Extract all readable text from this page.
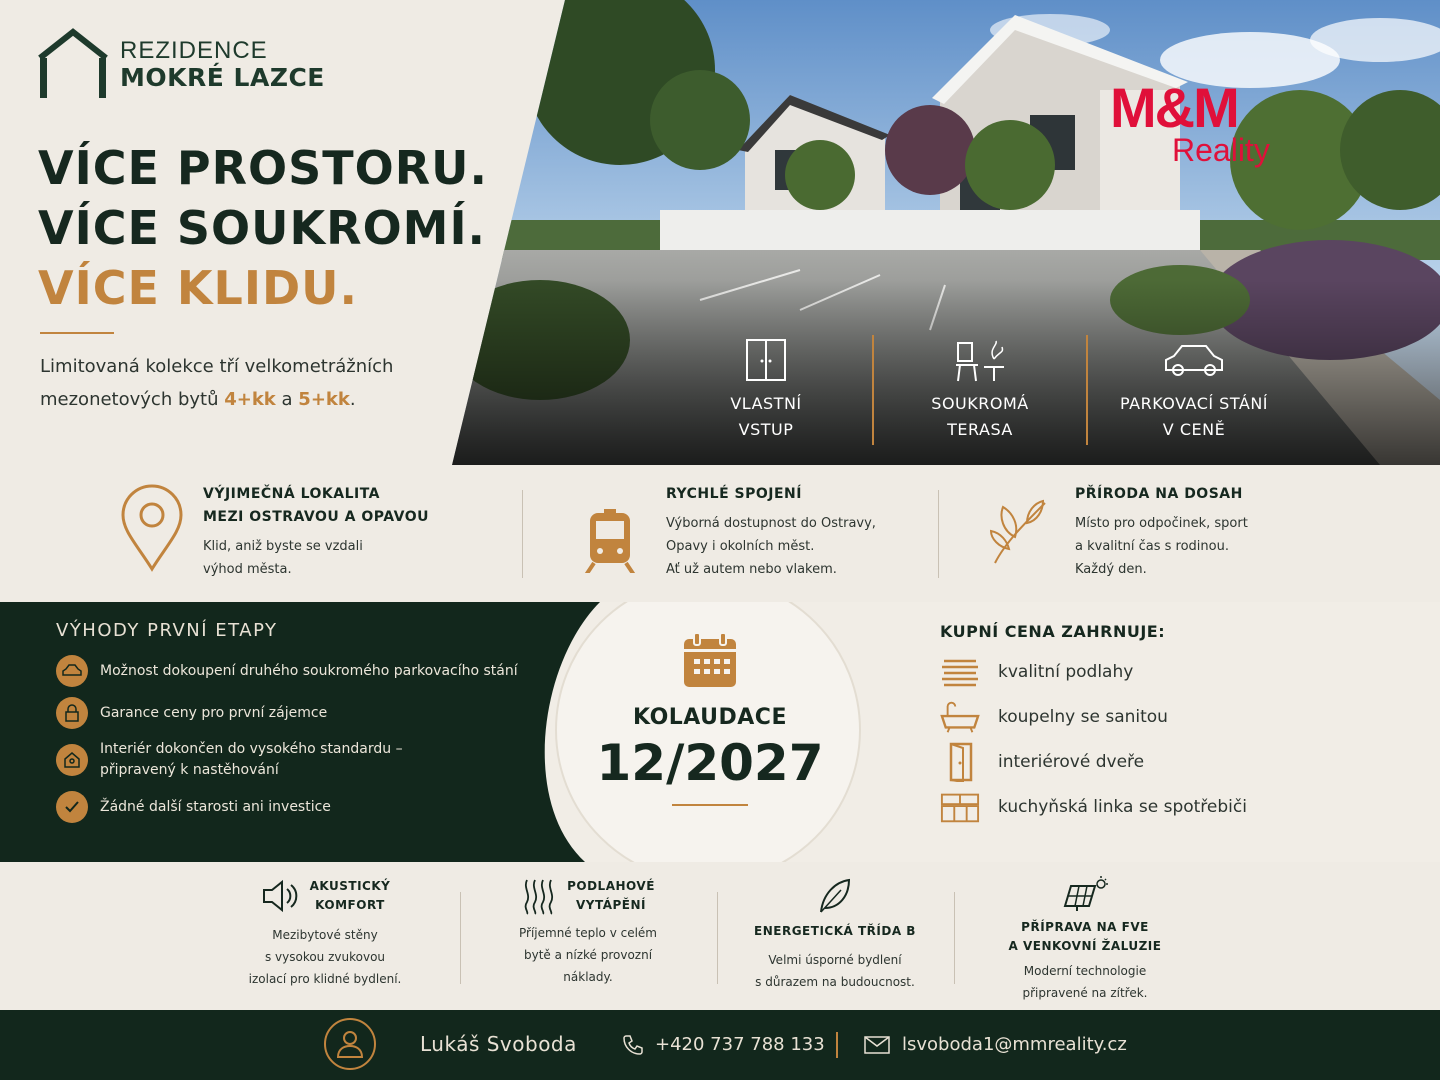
REZIDENCE
MOKRÉ LAZCE
VÍCE PROSTORU.
VÍCE SOUKROMÍ.
VÍCE KLIDU.
Limitovaná kolekce tří velkometrážních
mezonetových bytů 4+kk a 5+kk.
M&M
Reality
VLASTNÍ
VSTUP
SOUKROMÁ
TERASA
PARKOVACÍ STÁNÍ
V CENĚ
VÝJIMEČNÁ LOKALITA
MEZI OSTRAVOU A OPAVOU

Klid, aniž byste se vzdali
výhod města.

RYCHLÉ SPOJENÍ

Výborná dostupnost do Ostravy,
Opavy i okolních měst.
Ať už autem nebo vlakem.

PŘÍRODA NA DOSAH

Místo pro odpočinek, sport
a kvalitní čas s rodinou.
Každý den.

VÝHODY PRVNÍ ETAPY
Možnost dokoupení druhého soukromého parkovacího stání
Garance ceny pro první zájemce
Interiér dokončen do vysokého standardu –
připravený k nastěhování
Žádné další starosti ani investice
KOLAUDACE
12/2027
KUPNÍ CENA ZAHRNUJE:
kvalitní podlahy
koupelny se sanitou
interiérové dveře
kuchyňská linka se spotřebiči
AKUSTICKÝ
KOMFORT

Mezibytové stěny
s vysokou zvukovou
izolací pro klidné bydlení.

PODLAHOVÉ
VYTÁPĚNÍ

Příjemné teplo v celém
bytě a nízké provozní
náklady.

ENERGETICKÁ TŘÍDA B

Velmi úsporné bydlení
s důrazem na budoucnost.

PŘÍPRAVA NA FVE
A VENKOVNÍ ŽALUZIE

Moderní technologie
připravené na zítřek.

Lukáš Svoboda	+420 737 788 133	lsvoboda1@mmreality.cz
